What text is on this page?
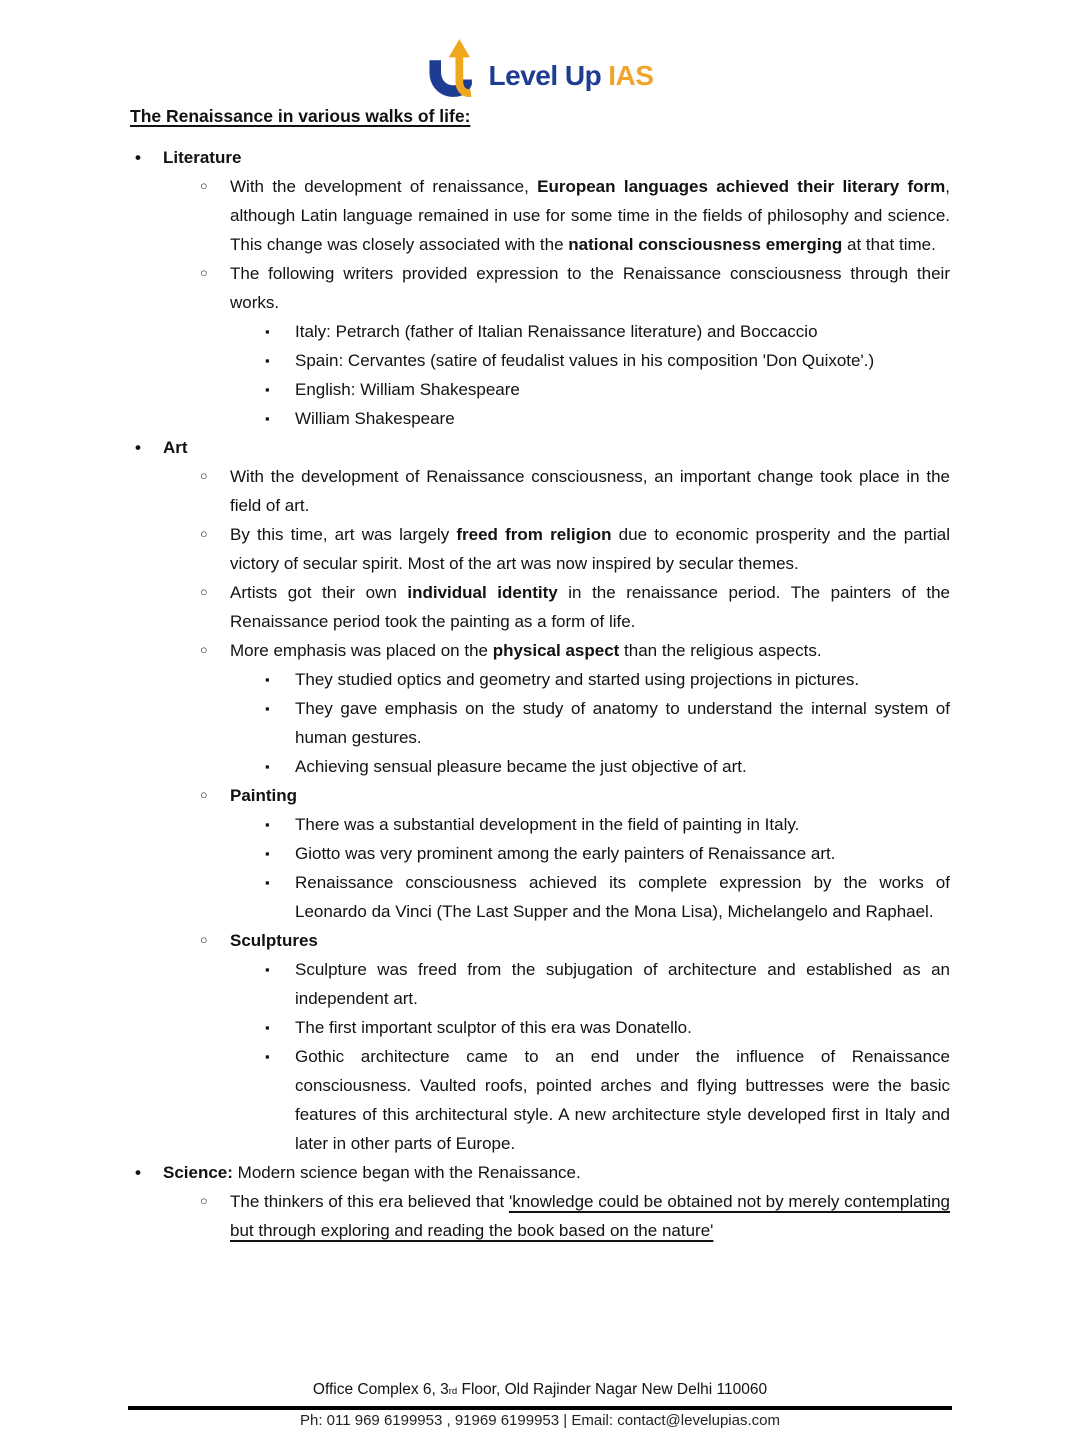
Level Up IAS
The Renaissance in various walks of life:
• Literature
○ With the development of renaissance, European languages achieved their literary form, although Latin language remained in use for some time in the fields of philosophy and science. This change was closely associated with the national consciousness emerging at that time.
○ The following writers provided expression to the Renaissance consciousness through their works.
▪ Italy: Petrarch (father of Italian Renaissance literature) and Boccaccio
▪ Spain: Cervantes (satire of feudalist values in his composition 'Don Quixote'.)
▪ English: William Shakespeare
▪ William Shakespeare
• Art
○ With the development of Renaissance consciousness, an important change took place in the field of art.
○ By this time, art was largely freed from religion due to economic prosperity and the partial victory of secular spirit. Most of the art was now inspired by secular themes.
○ Artists got their own individual identity in the renaissance period. The painters of the Renaissance period took the painting as a form of life.
○ More emphasis was placed on the physical aspect than the religious aspects.
▪ They studied optics and geometry and started using projections in pictures.
▪ They gave emphasis on the study of anatomy to understand the internal system of human gestures.
▪ Achieving sensual pleasure became the just objective of art.
○ Painting
▪ There was a substantial development in the field of painting in Italy.
▪ Giotto was very prominent among the early painters of Renaissance art.
▪ Renaissance consciousness achieved its complete expression by the works of Leonardo da Vinci (The Last Supper and the Mona Lisa), Michelangelo and Raphael.
○ Sculptures
▪ Sculpture was freed from the subjugation of architecture and established as an independent art.
▪ The first important sculptor of this era was Donatello.
▪ Gothic architecture came to an end under the influence of Renaissance consciousness. Vaulted roofs, pointed arches and flying buttresses were the basic features of this architectural style. A new architecture style developed first in Italy and later in other parts of Europe.
• Science: Modern science began with the Renaissance.
○ The thinkers of this era believed that 'knowledge could be obtained not by merely contemplating but through exploring and reading the book based on the nature'
Office Complex 6, 3rd Floor, Old Rajinder Nagar New Delhi 110060
Ph: 011 969 6199953 , 91969 6199953 | Email: contact@levelupias.com
